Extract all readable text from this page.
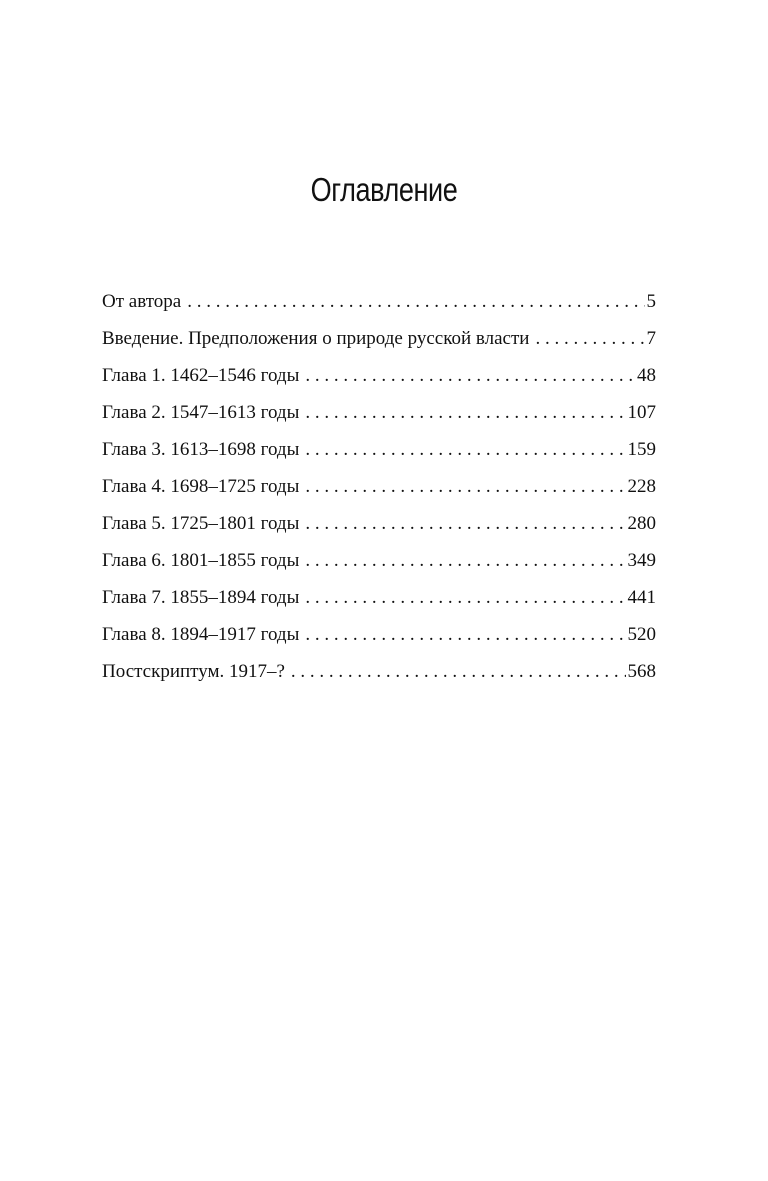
Оглавление
От автора . . .	5
Введение. Предположения о природе русской власти . . .	7
Глава 1. 1462–1546 годы . . .	48
Глава 2. 1547–1613 годы . . .	107
Глава 3. 1613–1698 годы . . .	159
Глава 4. 1698–1725 годы . . .	228
Глава 5. 1725–1801 годы . . .	280
Глава 6. 1801–1855 годы . . .	349
Глава 7. 1855–1894 годы . . .	441
Глава 8. 1894–1917 годы . . .	520
Постскриптум. 1917–? . . .	568
